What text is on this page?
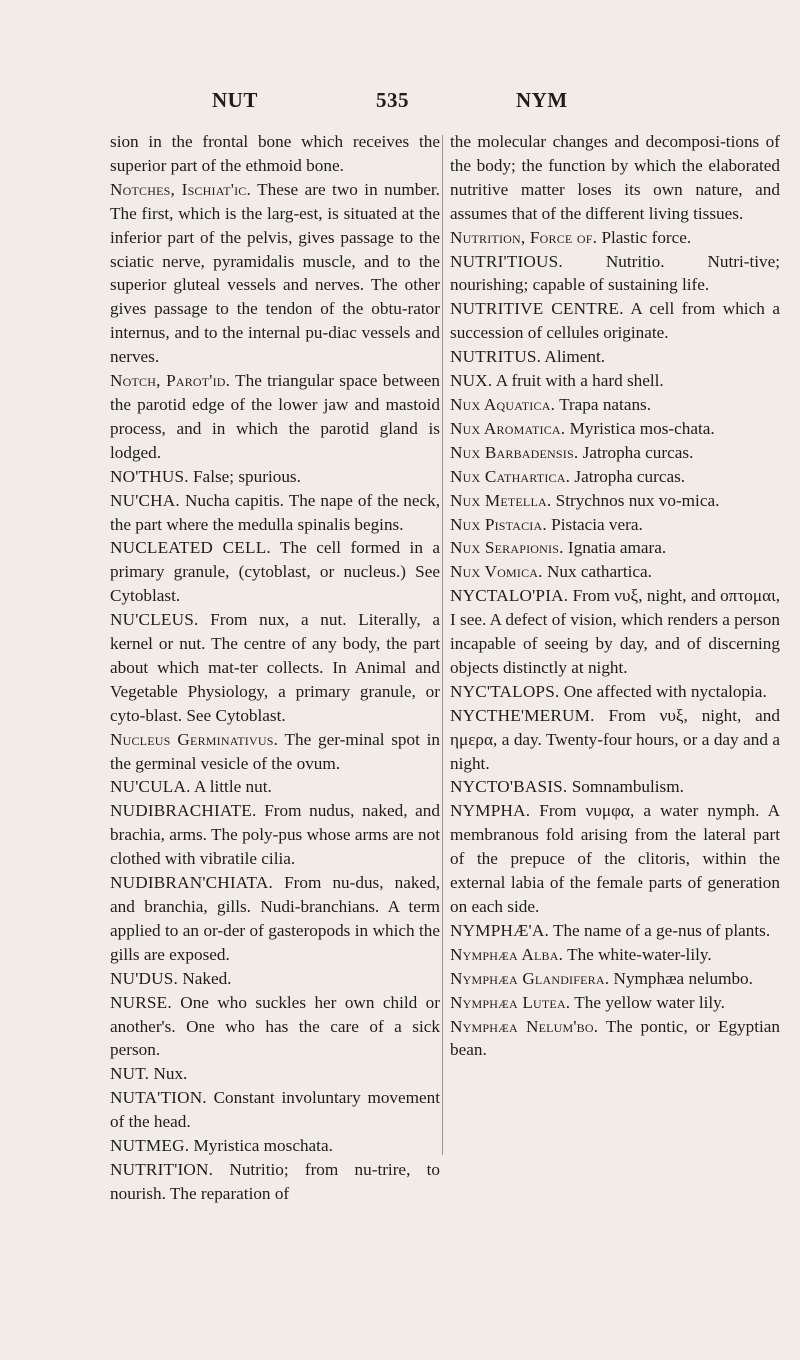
NUT	535	NYM

sion in the frontal bone which receives the superior part of the ethmoid bone.

Notches, Ischiat'ic. These are two in number. The first, which is the larg-est, is situated at the inferior part of the pelvis, gives passage to the sciatic nerve, pyramidalis muscle, and to the superior gluteal vessels and nerves. The other gives passage to the tendon of the obtu-rator internus, and to the internal pu-diac vessels and nerves.

Notch, Parot'id. The triangular space between the parotid edge of the lower jaw and mastoid process, and in which the parotid gland is lodged.

NO'THUS. False; spurious.

NU'CHA. Nucha capitis. The nape of the neck, the part where the medulla spinalis begins.

NUCLEATED CELL. The cell formed in a primary granule, (cytoblast, or nucleus.) See Cytoblast.

NU'CLEUS. From nux, a nut. Literally, a kernel or nut. The centre of any body, the part about which mat-ter collects. In Animal and Vegetable Physiology, a primary granule, or cyto-blast. See Cytoblast.

Nucleus Germinativus. The ger-minal spot in the germinal vesicle of the ovum.

NU'CULA. A little nut.

NUDIBRACHIATE. From nudus, naked, and brachia, arms. The poly-pus whose arms are not clothed with vibratile cilia.

NUDIBRAN'CHIATA. From nu-dus, naked, and branchia, gills. Nudi-branchians. A term applied to an or-der of gasteropods in which the gills are exposed.

NU'DUS. Naked.

NURSE. One who suckles her own child or another's. One who has the care of a sick person.

NUT. Nux.

NUTA'TION. Constant involuntary movement of the head.

NUTMEG. Myristica moschata.

NUTRIT'ION. Nutritio; from nu-trire, to nourish. The reparation of

the molecular changes and decomposi-tions of the body; the function by which the elaborated nutritive matter loses its own nature, and assumes that of the different living tissues.

Nutrition, Force of. Plastic force.

NUTRI'TIOUS. Nutritio. Nutri-tive; nourishing; capable of sustaining life.

NUTRITIVE CENTRE. A cell from which a succession of cellules originate.

NUTRITUS. Aliment.

NUX. A fruit with a hard shell.

Nux Aquatica. Trapa natans.

Nux Aromatica. Myristica mos-chata.

Nux Barbadensis. Jatropha curcas.

Nux Cathartica. Jatropha curcas.

Nux Metella. Strychnos nux vo-mica.

Nux Pistacia. Pistacia vera.

Nux Serapionis. Ignatia amara.

Nux Vomica. Nux cathartica.

NYCTALO'PIA. From νυξ, night, and οπτομαι, I see. A defect of vision, which renders a person incapable of seeing by day, and of discerning objects distinctly at night.

NYC'TALOPS. One affected with nyctalopia.

NYCTHE'MERUM. From νυξ, night, and ημερα, a day. Twenty-four hours, or a day and a night.

NYCTO'BASIS. Somnambulism.

NYMPHA. From νυμφα, a water nymph. A membranous fold arising from the lateral part of the prepuce of the clitoris, within the external labia of the female parts of generation on each side.

NYMPHÆ'A. The name of a ge-nus of plants.

Nymphæa Alba. The white-water-lily.

Nymphæa Glandifera. Nymphæa nelumbo.

Nymphæa Lutea. The yellow water lily.

Nymphæa Nelum'bo. The pontic, or Egyptian bean.
